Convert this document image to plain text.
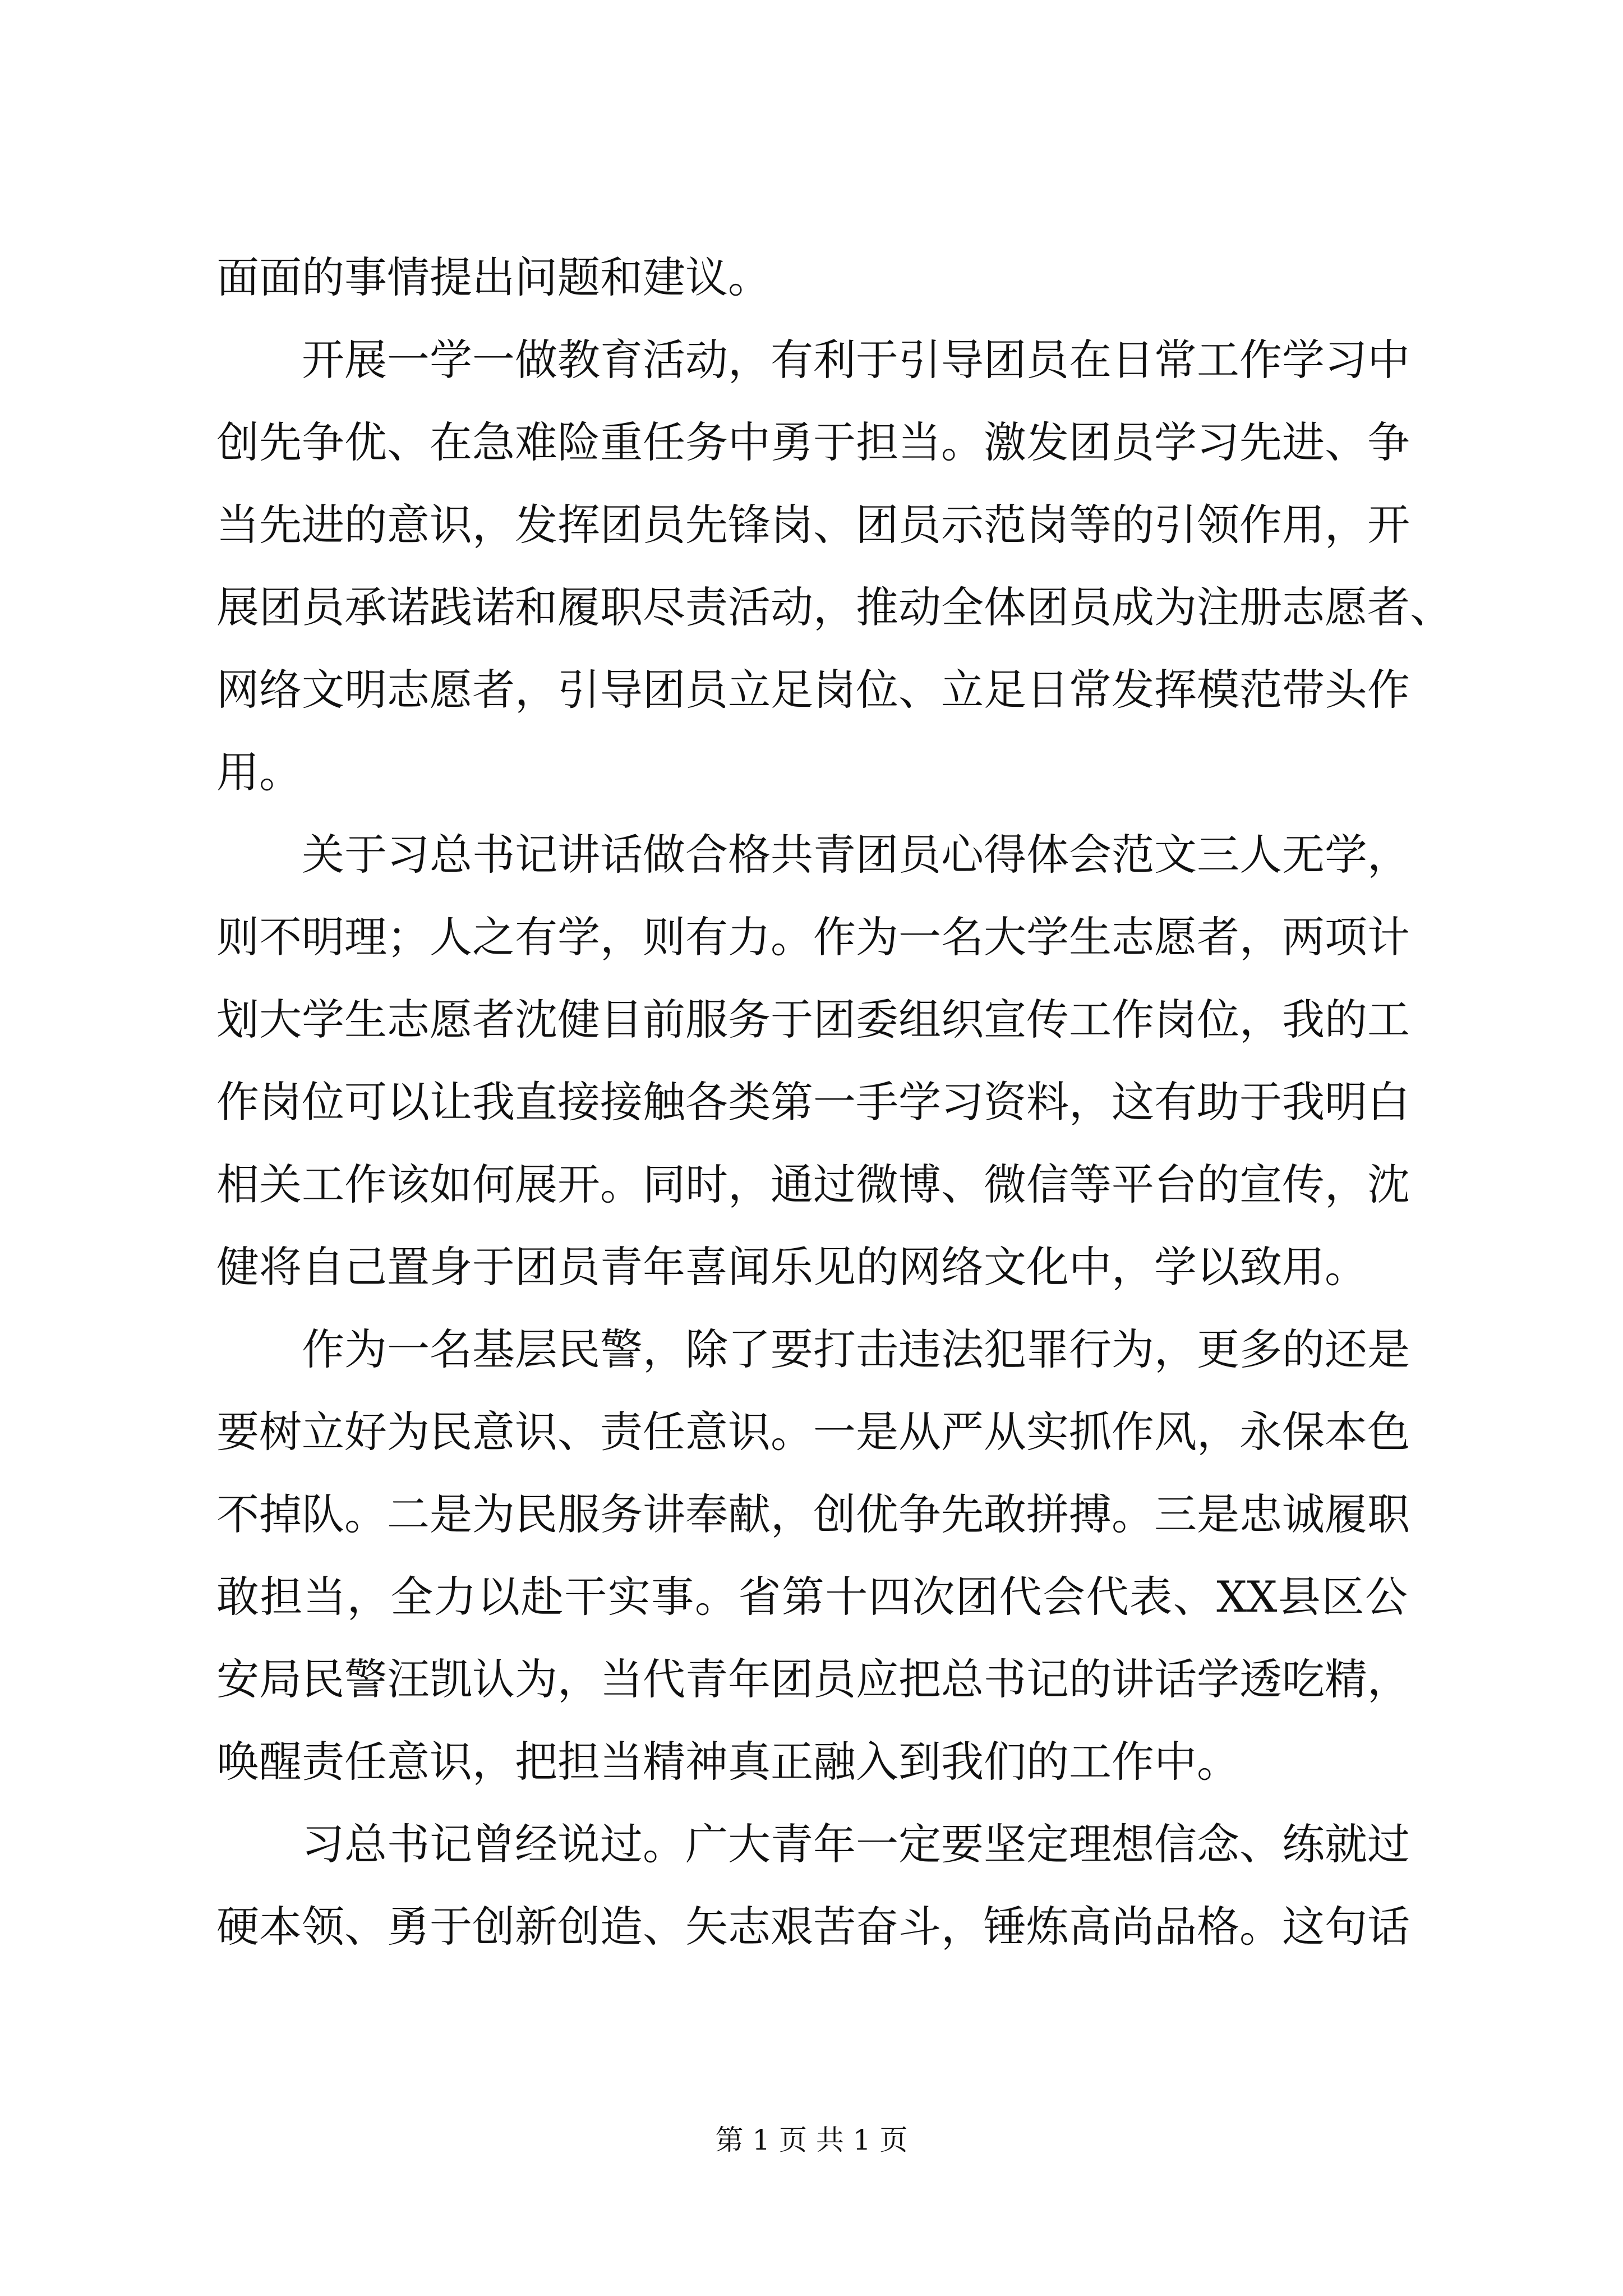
面面的事情提出问题和建议。
开展一学一做教育活动，有利于引导团员在日常工作学习中
创先争优、在急难险重任务中勇于担当。激发团员学习先进、争
当先进的意识，发挥团员先锋岗、团员示范岗等的引领作用，开
展团员承诺践诺和履职尽责活动，推动全体团员成为注册志愿者、
网络文明志愿者，引导团员立足岗位、立足日常发挥模范带头作
用。
关于习总书记讲话做合格共青团员心得体会范文三人无学，
则不明理；人之有学，则有力。作为一名大学生志愿者，两项计
划大学生志愿者沈健目前服务于团委组织宣传工作岗位，我的工
作岗位可以让我直接接触各类第一手学习资料，这有助于我明白
相关工作该如何展开。同时，通过微博、微信等平台的宣传，沈
健将自己置身于团员青年喜闻乐见的网络文化中，学以致用。
作为一名基层民警，除了要打击违法犯罪行为，更多的还是
要树立好为民意识、责任意识。一是从严从实抓作风，永保本色
不掉队。二是为民服务讲奉献，创优争先敢拼搏。三是忠诚履职
敢担当，全力以赴干实事。省第十四次团代会代表、XX县区公
安局民警汪凯认为，当代青年团员应把总书记的讲话学透吃精，
唤醒责任意识，把担当精神真正融入到我们的工作中。
习总书记曾经说过。广大青年一定要坚定理想信念、练就过
硬本领、勇于创新创造、矢志艰苦奋斗，锤炼高尚品格。这句话
第 1 页 共 1 页
